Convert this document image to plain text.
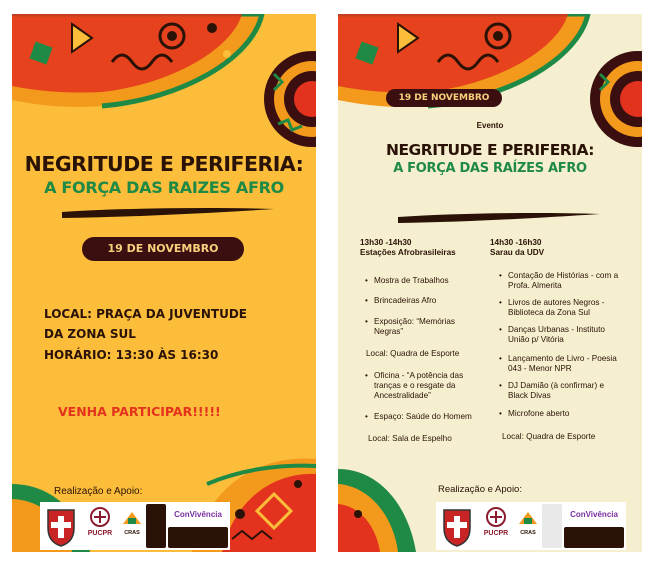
NEGRITUDE E PERIFERIA:
A FORÇA DAS RAIZES AFRO
19 DE NOVEMBRO
LOCAL: PRAÇA DA JUVENTUDE
DA ZONA SUL
HORÁRIO: 13:30 ÀS 16:30
VENHA PARTICIPAR!!!!!
Realização e Apoio:
PUCPR	CRAS
ConVivência
19 DE NOVEMBRO
Evento
NEGRITUDE E PERIFERIA:
A FORÇA DAS RAÍZES AFRO
13h30 -14h30
Estações Afrobrasileiras
• Mostra de Trabalhos
• Brincadeiras Afro
• Exposição: “Memórias Negras”
Local: Quadra de Esporte
• Oficina - “A potência das tranças e o resgate da Ancestralidade”
• Espaço: Saúde do Homem
Local: Sala de Espelho
14h30 -16h30
Sarau da UDV
• Contação de Histórias - com a Profa. Almerita
• Livros de autores Negros - Biblioteca da Zona Sul
• Danças Urbanas - Instituto União p/ Vitória
• Lançamento de Livro - Poesia 043 - Menor NPR
• DJ Damião (à confirmar) e Black Divas
• Microfone aberto
Local: Quadra de Esporte
Realização e Apoio:
PUCPR	CRAS
ConVivência
